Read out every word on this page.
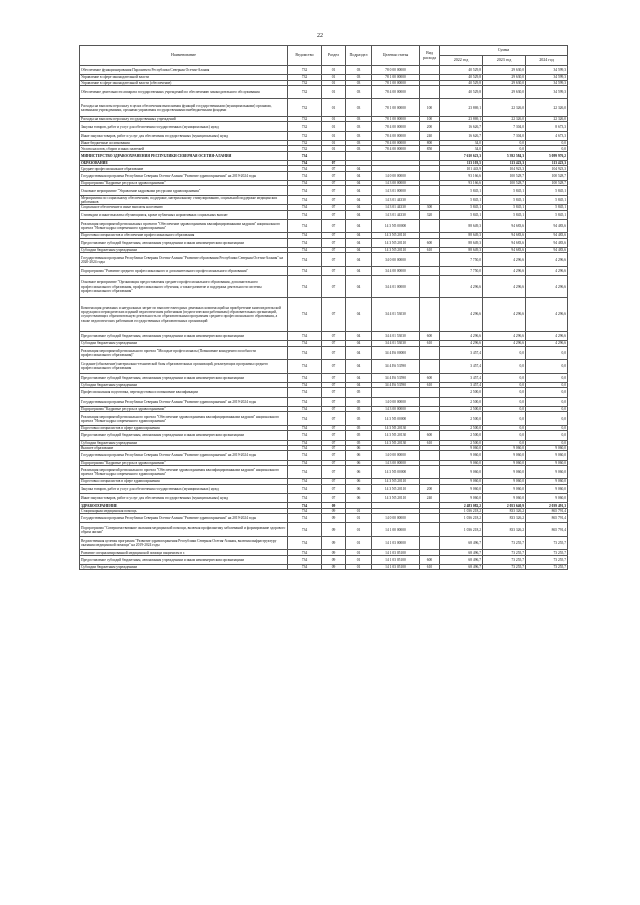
22
Наименование	Ведомство	Раздел	Подраздел	Целевая статья	Вид расхода	Сумма		
						2022 год	2023 год	2024 год
Обеспечение функционирования Парламента Республики Северная Осетия-Алания	732	01	03	78 0 00 00000		40 529,8	29 630,0	34 599,3
Управление в сфере законодательной власти	732	01	03	78 1 00 00000		40 529,8	29 630,0	34 599,3
Управление в сфере законодательной власти (обеспечение)	732	01	03	78 1 00 00000		40 529,8	29 630,0	34 599,3
Обеспечение деятельности аппарата государственных учреждений по обеспечению законодательного обслуживания	732	01	03	78 4 00 00000		40 529,8	29 630,0	34 599,3
Расходы на выплаты персоналу в целях обеспечения выполнения функций государственными (муниципальными) органами, казенными учреждениями, органами управления государственными внебюджетными фондами	732	01	03	78 1 00 00000	100	23 869,1	22 326,0	22 326,0
Расходы на выплаты персоналу государственных учреждений	732	01	03	78 1 00 00000	100	23 869,1	22 326,0	22 326,0
Закупка товаров, работ и услуг для обеспечения государственных (муниципальных) нужд	732	01	03	78 4 00 00000	200	16 626,7	7 304,0	8 673,3
Иные закупки товаров, работ и услуг для обеспечения государственных (муниципальных) нужд	732	01	03	78 4 00 00000	240	16 626,7	7 304,0	4 673,3
Иные бюджетные ассигнования	732	01	03	78 4 00 00000	800	34,0	0,0	0,0
Уплата налогов, сборов и иных платежей	732	01	03	78 4 00 00000	850	34,0	0,0	0,0
МИНИСТЕРСТВО ЗДРАВООХРАНЕНИЯ РЕСПУБЛИКИ СЕВЕРНАЯ ОСЕТИЯ-АЛАНИЯ	734					7 610 623,3	5 392 584,3	5 099 976,2
ОБРАЗОВАНИЕ	734	07				113 103,5	113 423,3	113 423,3
Среднее профессиональное образование	734	07	04			101 443,9	104 923,3	104 923,3
Государственная программа Республики Северная Осетия-Алания "Развитие здравоохранения" на 2019-2024 годы	734	07	04	14 0 00 00000		93 166,6	100 528,7	100 528,7
Подпрограмма "Кадровые ресурсы в здравоохранении"	734	07	04	14 3 00 00000		93 166,6	100 528,7	100 528,7
Основное мероприятие "Управление кадровыми ресурсами здравоохранения"	734	07	04	14 3 01 00000		5 845,1	5 845,1	5 845,1
Мероприятия по социальному обеспечению, поддержке, материальному стимулированию, социальной поддержке медицинских работников	734	07	04	14 3 01 44330		5 845,1	5 845,1	5 845,1
Социальное обеспечение и иные выплаты населению	734	07	04	14 3 01 44330	300	5 845,1	5 845,1	5 845,1
Стипендии и иные выплаты обучающимся, кроме публичных нормативных социальных выплат	734	07	04	14 3 01 44330	320	5 845,1	5 845,1	5 845,1
Реализация мероприятий региональных проектов "Обеспечение здравоохранения квалифицированными кадрами" национального проекта "Новые кадры современного здравоохранения"	734	07	04	14 3 N5 00000		88 649,3	94 683,6	94 483,6
Подготовка специалистов и обеспечение профессионального образования	734	07	04	14 3 N5 20110		88 649,3	94 683,6	94 483,6
Предоставление субсидий бюджетным, автономным учреждениям и иным некоммерческим организациям	734	07	04	14 3 N5 20110	600	88 649,3	94 683,6	94 483,6
Субсидии бюджетным учреждениям	734	07	04	14 3 N5 20110	610	88 649,3	94 683,6	94 483,6
Государственная программа Республики Северная Осетия-Алания "Развитие образования Республики Северная Осетия-Алания" на 2020-2024 годы	734	07	04	34 0 00 00000		7 750,0	4 296,6	4 296,6
Подпрограмма "Развитие среднего профессионального и дополнительного профессионального образования"	734	07	04	34 4 00 00000		7 750,0	4 296,6	4 296,6
Основное мероприятие "Организация предоставления среднего профессионального образования, дополнительного профессионального образования, профессионального обучения, а также развитие и поддержка деятельности системы профессионального образования"	734	07	04	34 4 01 00000		4 296,6	4 296,6	4 296,6
Компенсация денежных и натуральных затрат по выплате ежегодных денежных компенсаций на приобретение книгоиздательской продукции и периодических изданий педагогическим работникам (педагогическим работникам) образовательных организаций, осуществляющих образовательную деятельность по образовательным программам среднего профессионального образования, а также педагогических работников государственных образовательных организаций	734	07	04	34 4 01 53030		4 296,6	4 296,6	4 296,6
Предоставление субсидий бюджетным, автономным учреждениям и иным некоммерческим организациям	734	07	04	34 4 01 53030	600	4 296,6	4 296,6	4 296,6
Субсидии бюджетным учреждениям	734	07	04	34 4 01 53030	610	4 296,6	4 296,6	4 296,6
Реализация мероприятий регионального проекта "Молодые профессионалы (Повышение конкурентоспособности профессионального образования)"	734	07	04	34 4 E6 00000		3 457,4	0,0	0,0
Создание (обновление) материально-технической базы образовательных организаций, реализующих программы среднего профессионального образования	734	07	04	34 4 E6 53590		3 457,4	0,0	0,0
Предоставление субсидий бюджетным, автономным учреждениям и иным некоммерческим организациям	734	07	04	34 4 E6 53590	600	3 457,4	0,0	0,0
Субсидии бюджетным учреждениям	734	07	04	34 4 E6 53590	610	3 457,4	0,0	0,0
Профессиональная подготовка, переподготовка и повышение квалификации	734	07	05			2 500,0	0,0	0,0
Государственная программа Республики Северная Осетия-Алания "Развитие здравоохранения" на 2019-2024 годы	734	07	05	14 0 00 00000		2 500,0	0,0	0,0
Подпрограмма "Кадровые ресурсы в здравоохранении"	734	07	05	14 3 00 00000		2 500,0	0,0	0,0
Реализация мероприятий регионального проекта "Обеспечение здравоохранения квалифицированными кадрами" национального проекта "Новые кадры современного здравоохранения"	734	07	05	14 3 N5 00000		2 500,0	0,0	0,0
Подготовка специалистов в сфере здравоохранения	734	07	05	14 3 N5 20130		2 500,0	0,0	0,0
Предоставление субсидий бюджетным, автономным учреждениям и иным некоммерческим организациям	734	07	05	14 3 N5 20130	600	2 500,0	0,0	0,0
Субсидии бюджетным учреждениям	734	07	05	14 3 N5 20130	610	2 500,0	0,0	0,0
Высшее образование	734	07	06			9 060,0	9 060,0	9 060,0
Государственная программа Республики Северная Осетия-Алания "Развитие здравоохранения" на 2019-2024 годы	734	07	06	14 0 00 00000		9 060,0	9 060,0	9 060,0
Подпрограмма "Кадровые ресурсы в здравоохранении"	734	07	06	14 3 00 00000		9 060,0	9 060,0	9 060,0
Реализация мероприятий регионального проекта "Обеспечение здравоохранения квалифицированными кадрами" национального проекта "Новые кадры современного здравоохранения"	734	07	06	14 3 N5 00000		9 060,0	9 060,0	9 060,0
Подготовка специалистов в сфере здравоохранения	734	07	06	14 3 N5 20110		9 060,0	9 060,0	9 060,0
Закупка товаров, работ и услуг для обеспечения государственных (муниципальных) нужд	734	07	06	14 3 N5 20110	200	9 060,0	9 060,0	9 060,0
Иные закупки товаров, работ и услуг для обеспечения государственных (муниципальных) нужд	734	07	06	14 3 N5 20110	240	9 060,0	9 060,0	9 060,0
ЗДРАВООХРАНЕНИЕ	734	09				2 483 082,2	2 053 640,9	2 039 491,3
Стационарная медицинская помощь	734	09	01			1 036 218,2	833 326,2	865 791,4
Государственная программа Республики Северная Осетия-Алания "Развитие здравоохранения" на 2019-2024 годы	734	09	01	14 0 00 00000		1 036 218,2	833 326,2	865 791,4
Подпрограмма "Совершенствование оказания медицинской помощи, включая профилактику заболеваний и формирование здорового образа жизни"	734	09	01	14 1 00 00000		1 036 218,2	833 326,2	865 791,4
Ведомственная целевая программа "Развитие здравоохранения Республики Северная Осетия-Алания, включая инфраструктуру оказания медицинской помощи" на 2019-2024 годы	734	09	01	14 1 03 00000		68 496,7	73 255,7	73 255,7
Развитие специализированной медицинской помощи пациентам в г.	734	09	01	14 1 03 05100		68 496,7	73 255,7	73 255,7
Предоставление субсидий бюджетным, автономным учреждениям и иным некоммерческим организациям	734	09	01	14 1 03 05100	600	68 496,7	73 255,7	73 255,7
Субсидии бюджетным учреждениям	734	09	01	14 1 03 05100	610	68 496,7	73 255,7	73 255,7
